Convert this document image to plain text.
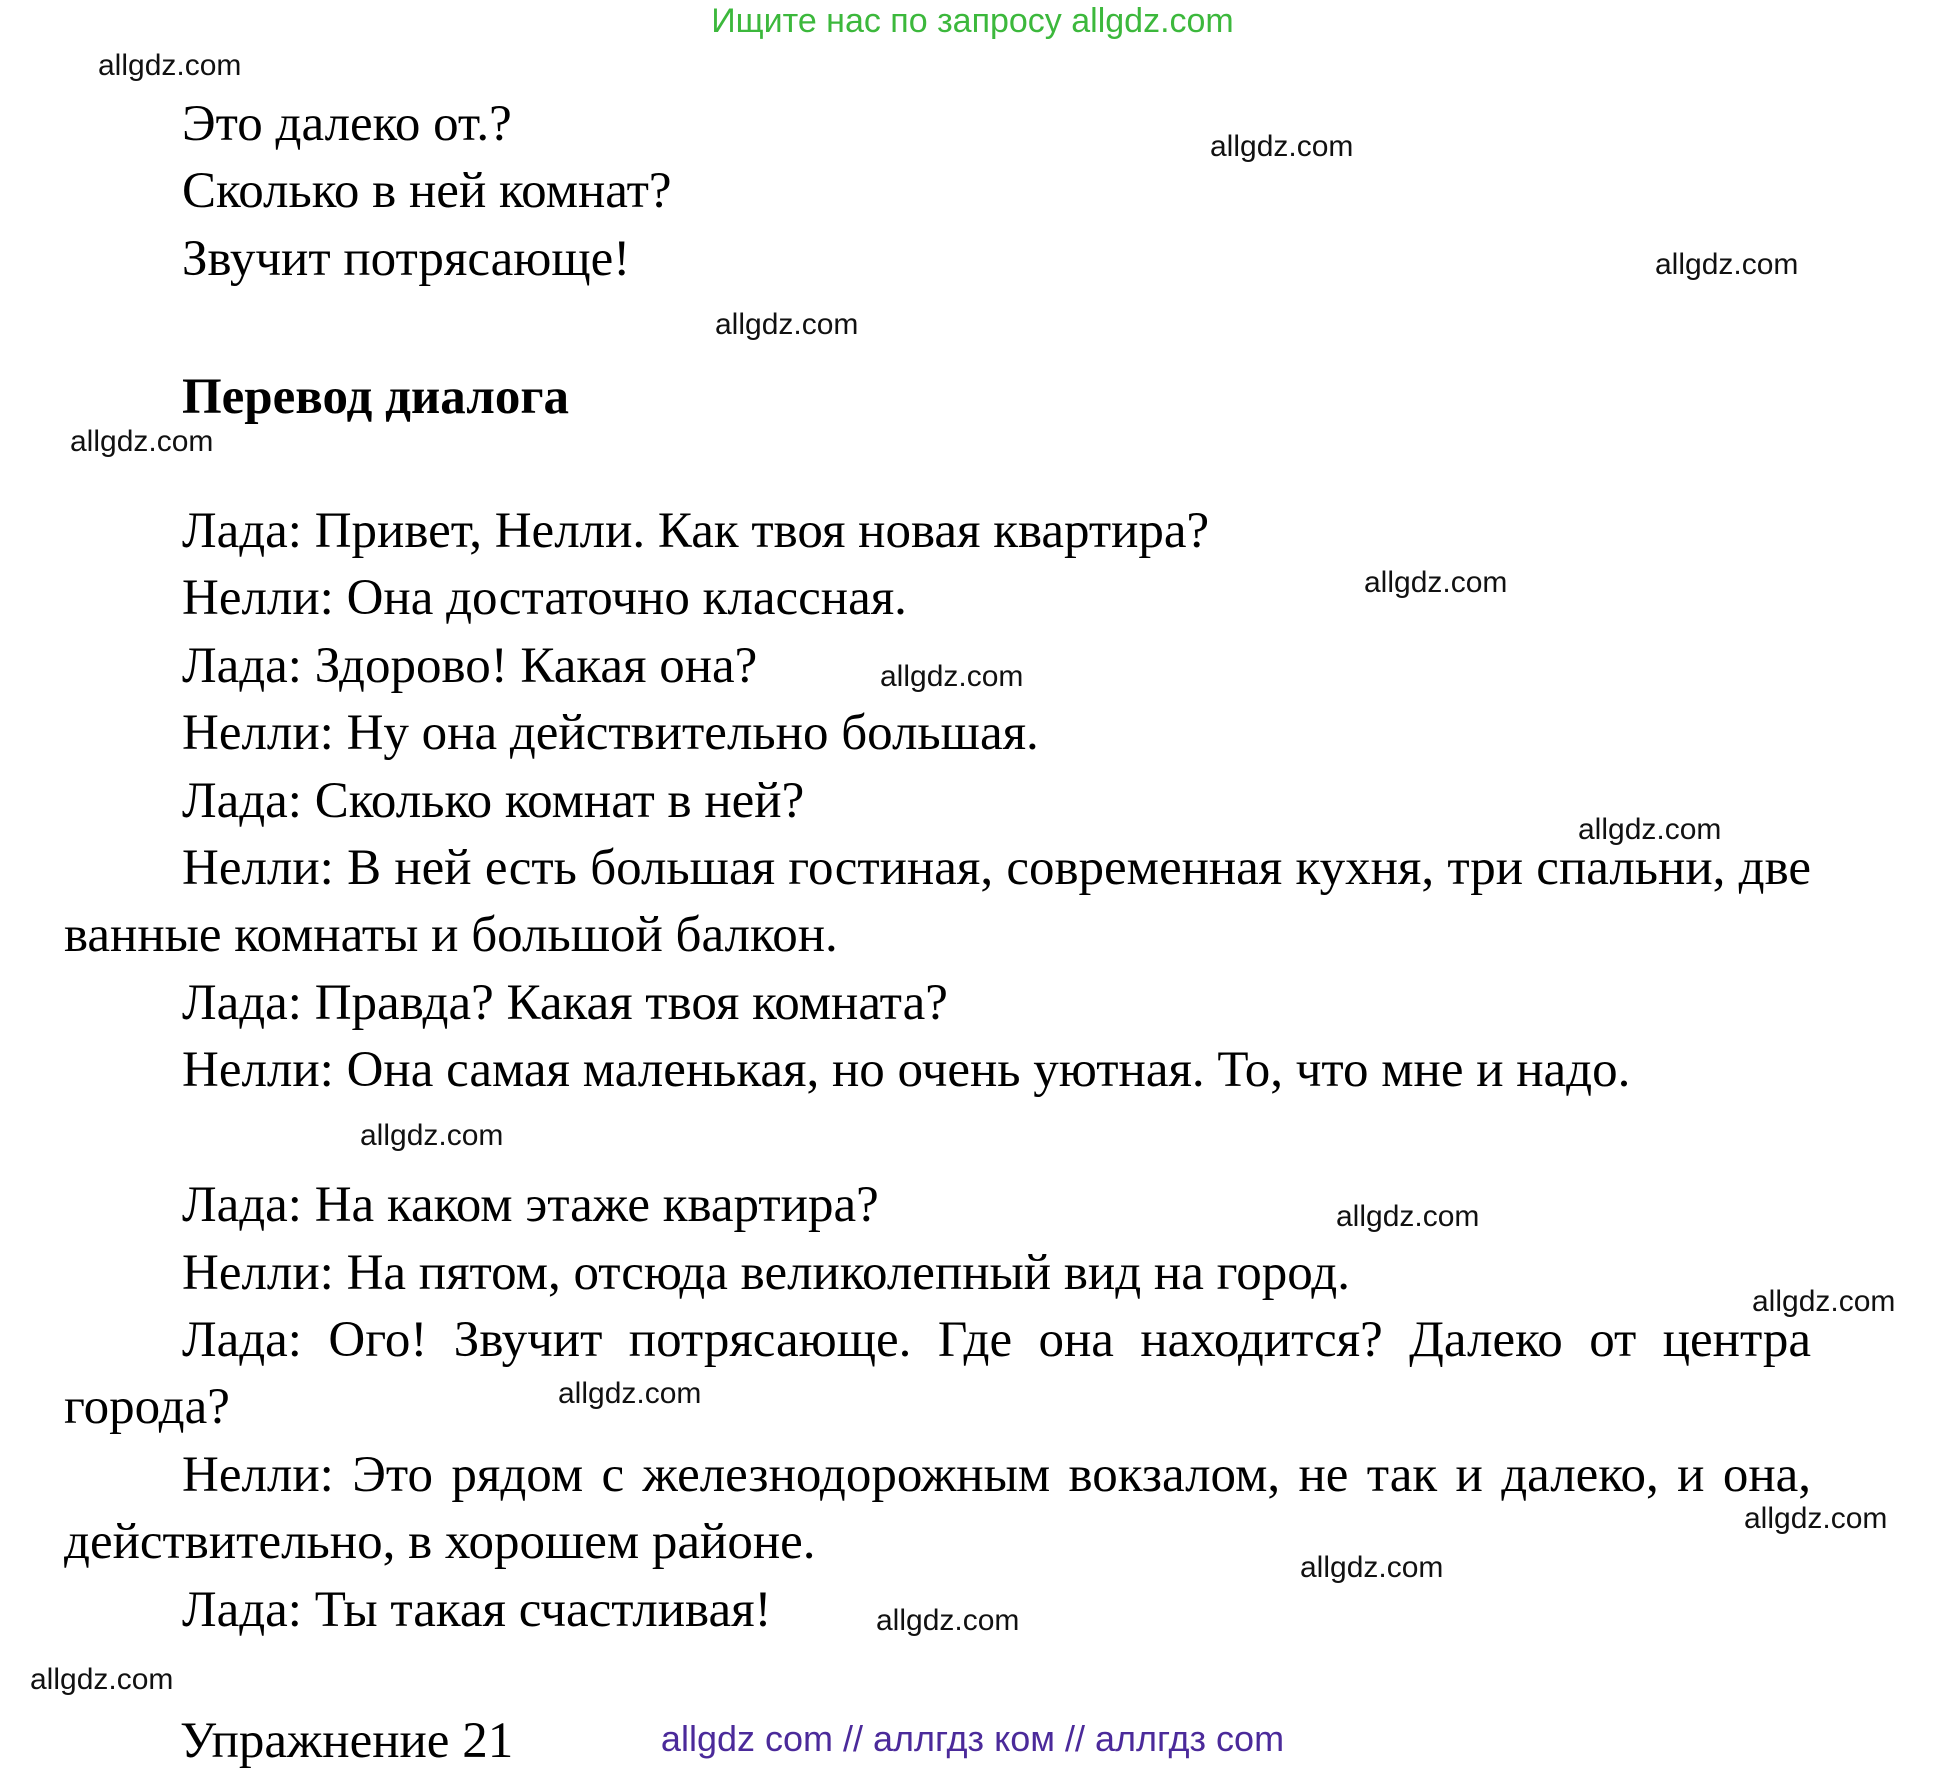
Ищите нас по запросу allgdz.com
Это далеко от.?
Сколько в ней комнат?
Звучит потрясающе!
Перевод диалога
Лада: Привет, Нелли. Как твоя новая квартира?
Нелли: Она достаточно классная.
Лада: Здорово! Какая она?
Нелли: Ну она действительно большая.
Лада: Сколько комнат в ней?
Нелли: В ней есть большая гостиная, современная кухня, три спальни, две ванные комнаты и большой балкон.
Лада: Правда? Какая твоя комната?
Нелли: Она самая маленькая, но очень уютная. То, что мне и надо.
Лада: На каком этаже квартира?
Нелли: На пятом, отсюда великолепный вид на город.
Лада: Ого! Звучит потрясающе. Где она находится? Далеко от центра города?
Нелли: Это рядом с железнодорожным вокзалом, не так и далеко, и она, действительно, в хорошем районе.
Лада: Ты такая счастливая!
Упражнение 21
allgdz.com
allgdz.com
allgdz.com
allgdz.com
allgdz.com
allgdz.com
allgdz.com
allgdz.com
allgdz.com
allgdz.com
allgdz.com
allgdz.com
allgdz.com
allgdz.com
allgdz.com
allgdz.com
allgdz com // аллгдз ком // аллгдз com
